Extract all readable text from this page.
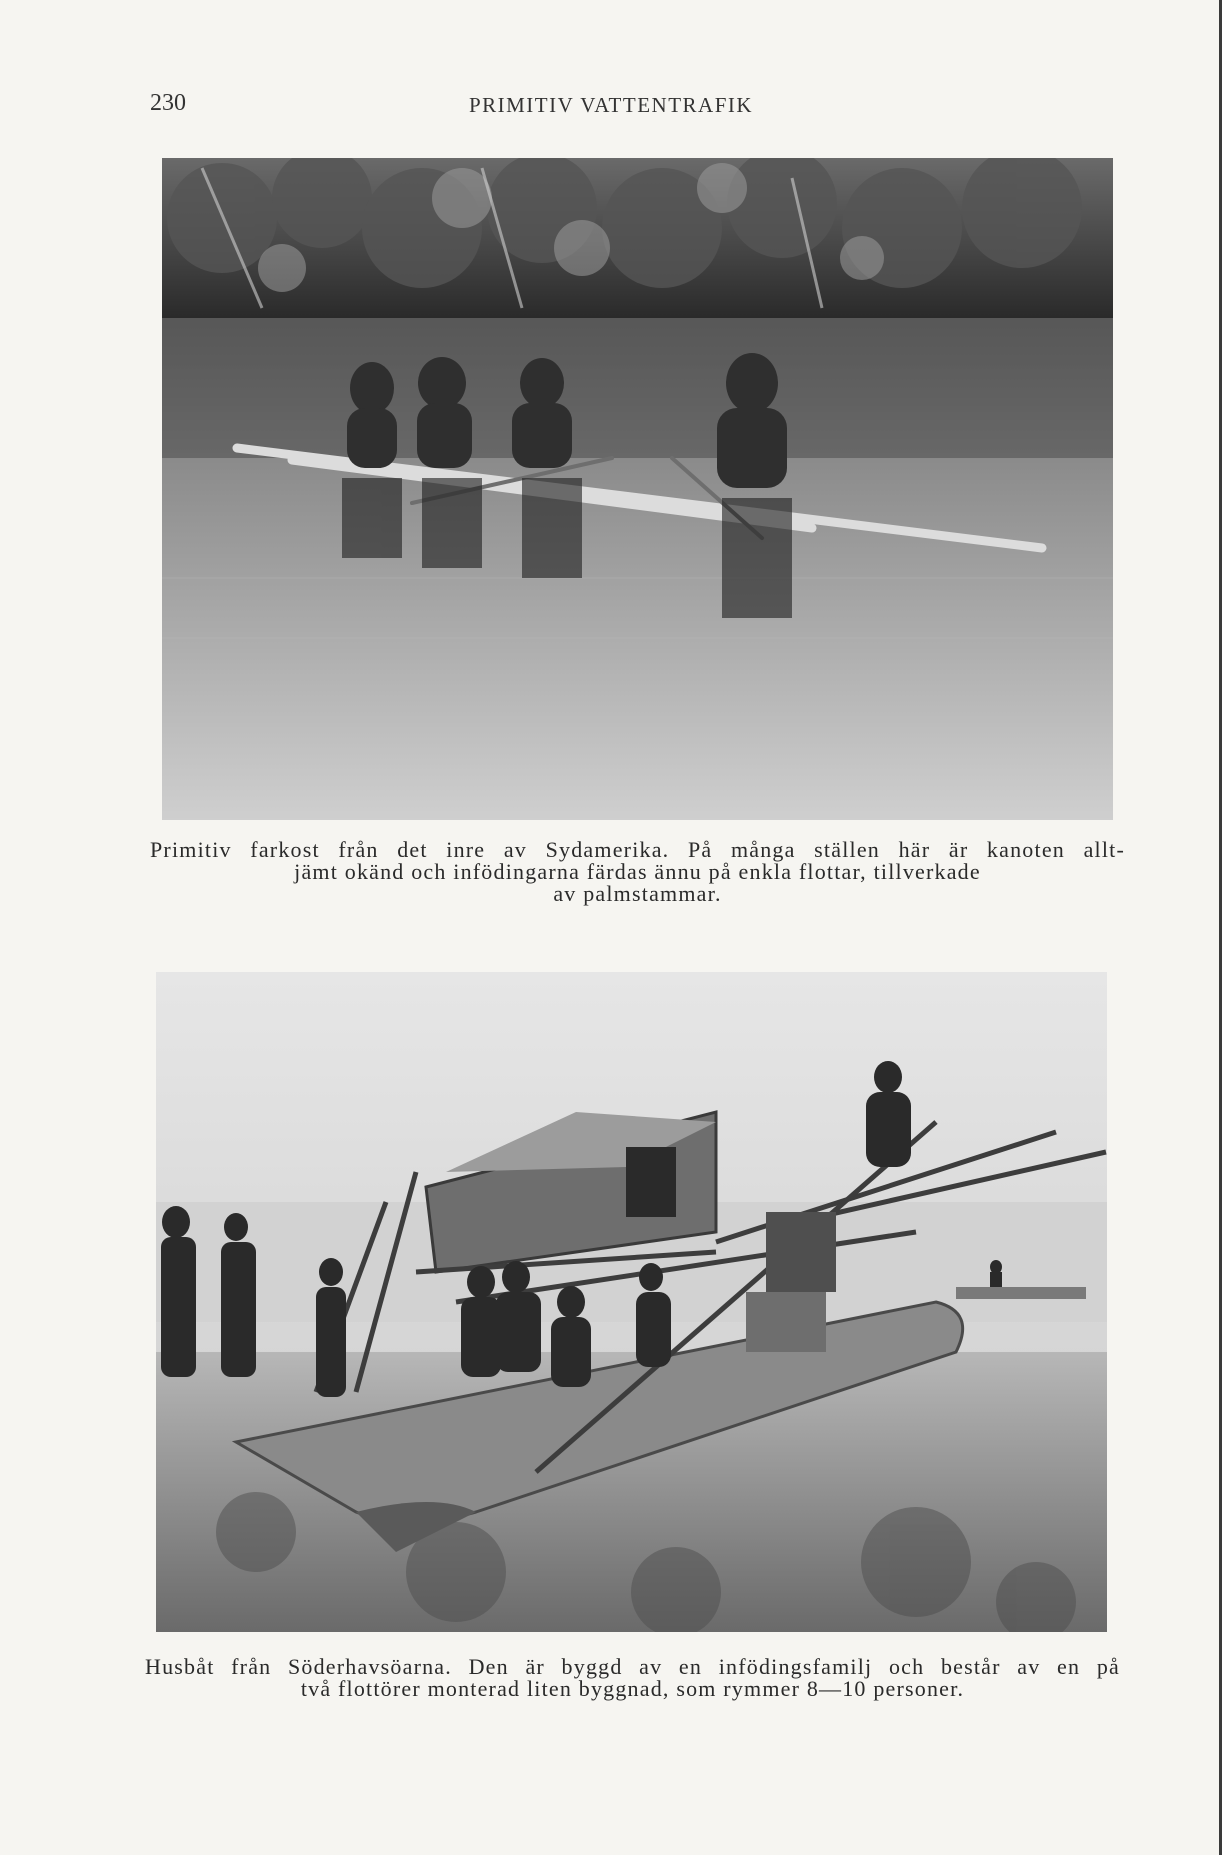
230	PRIMITIV VATTENTRAFIK
Primitiv farkost från det inre av Sydamerika. På många ställen här är kanoten allt-
jämt okänd och infödingarna färdas ännu på enkla flottar, tillverkade
av palmstammar.
Husbåt från Söderhavsöarna. Den är byggd av en infödingsfamilj och består av en på
två flottörer monterad liten byggnad, som rymmer 8—10 personer.
